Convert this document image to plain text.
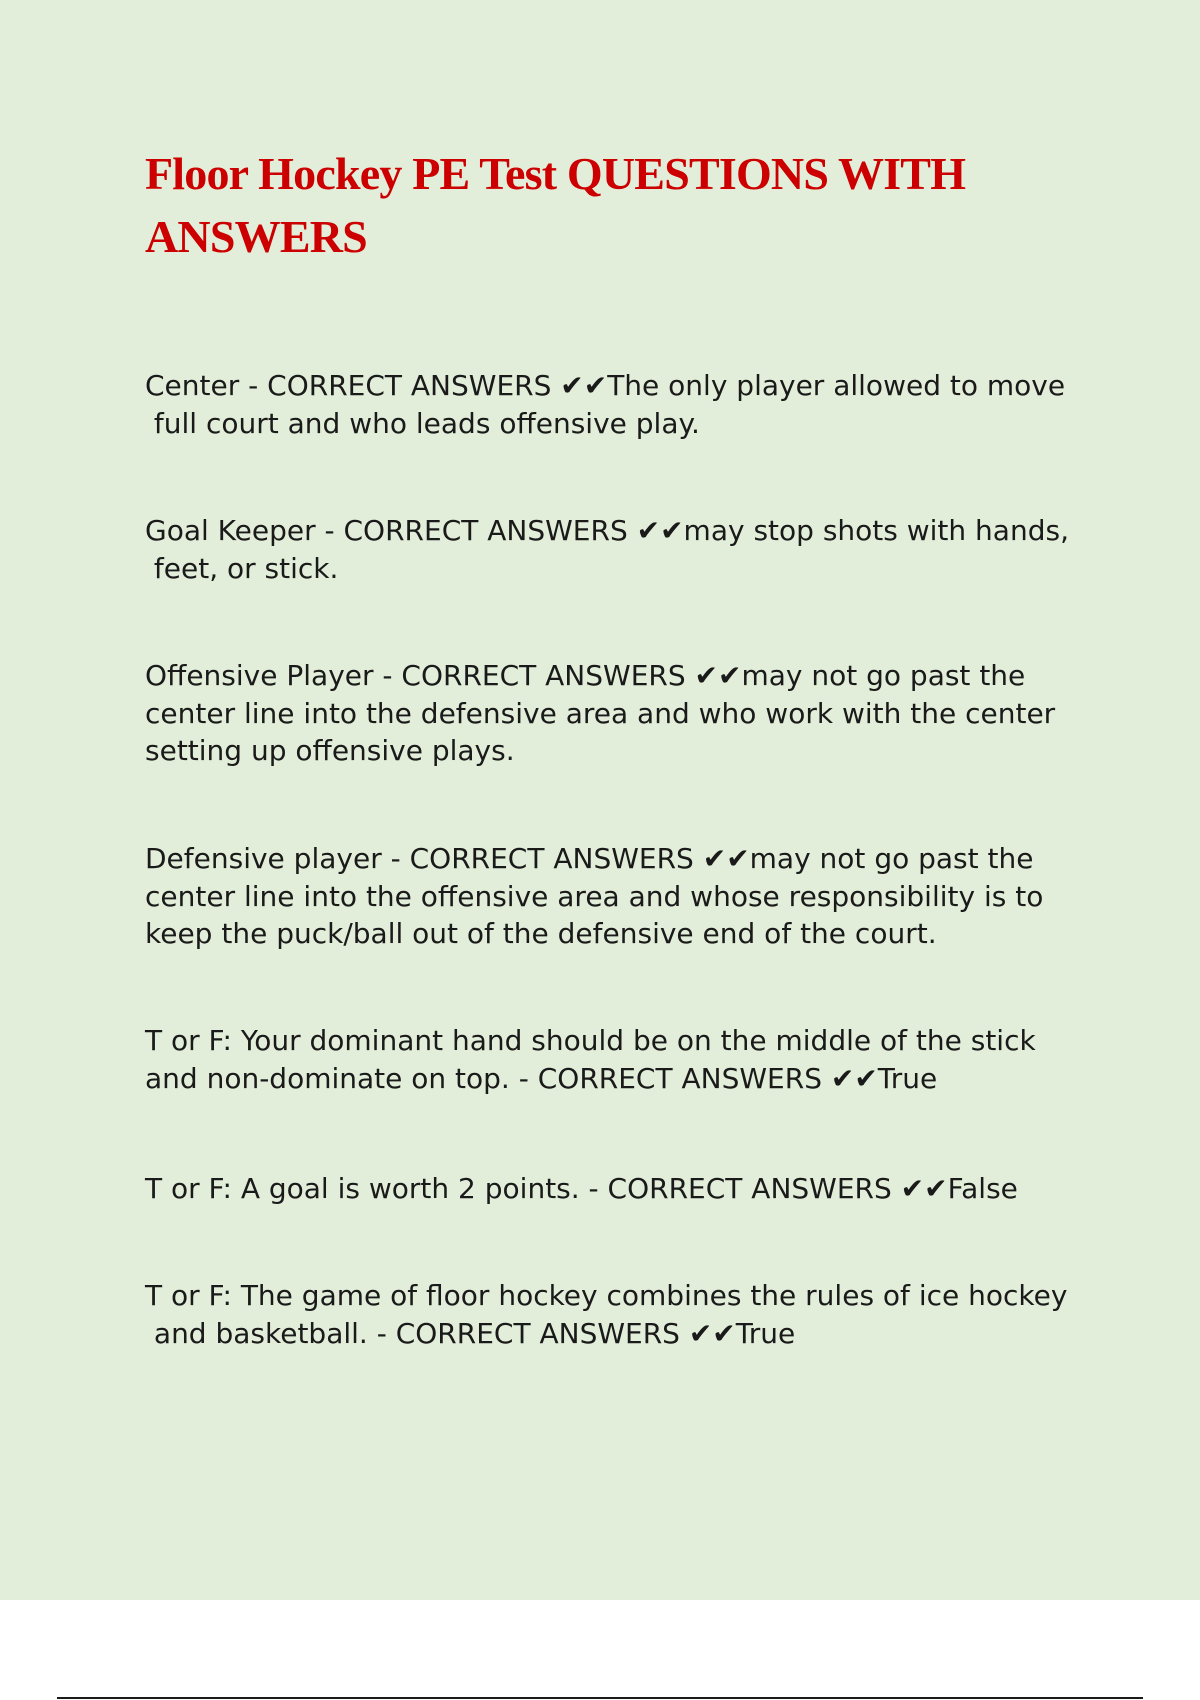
Floor Hockey PE Test QUESTIONS WITH ANSWERS

Center - CORRECT ANSWERS ✔✔The only player allowed to move
full court and who leads offensive play.

Goal Keeper - CORRECT ANSWERS ✔✔may stop shots with hands,
feet, or stick.

Offensive Player - CORRECT ANSWERS ✔✔may not go past the
center line into the defensive area and who work with the center
setting up offensive plays.

Defensive player - CORRECT ANSWERS ✔✔may not go past the
center line into the offensive area and whose responsibility is to
keep the puck/ball out of the defensive end of the court.

T or F: Your dominant hand should be on the middle of the stick
and non-dominate on top. - CORRECT ANSWERS ✔✔True

T or F: A goal is worth 2 points. - CORRECT ANSWERS ✔✔False

T or F: The game of floor hockey combines the rules of ice hockey
and basketball. - CORRECT ANSWERS ✔✔True
